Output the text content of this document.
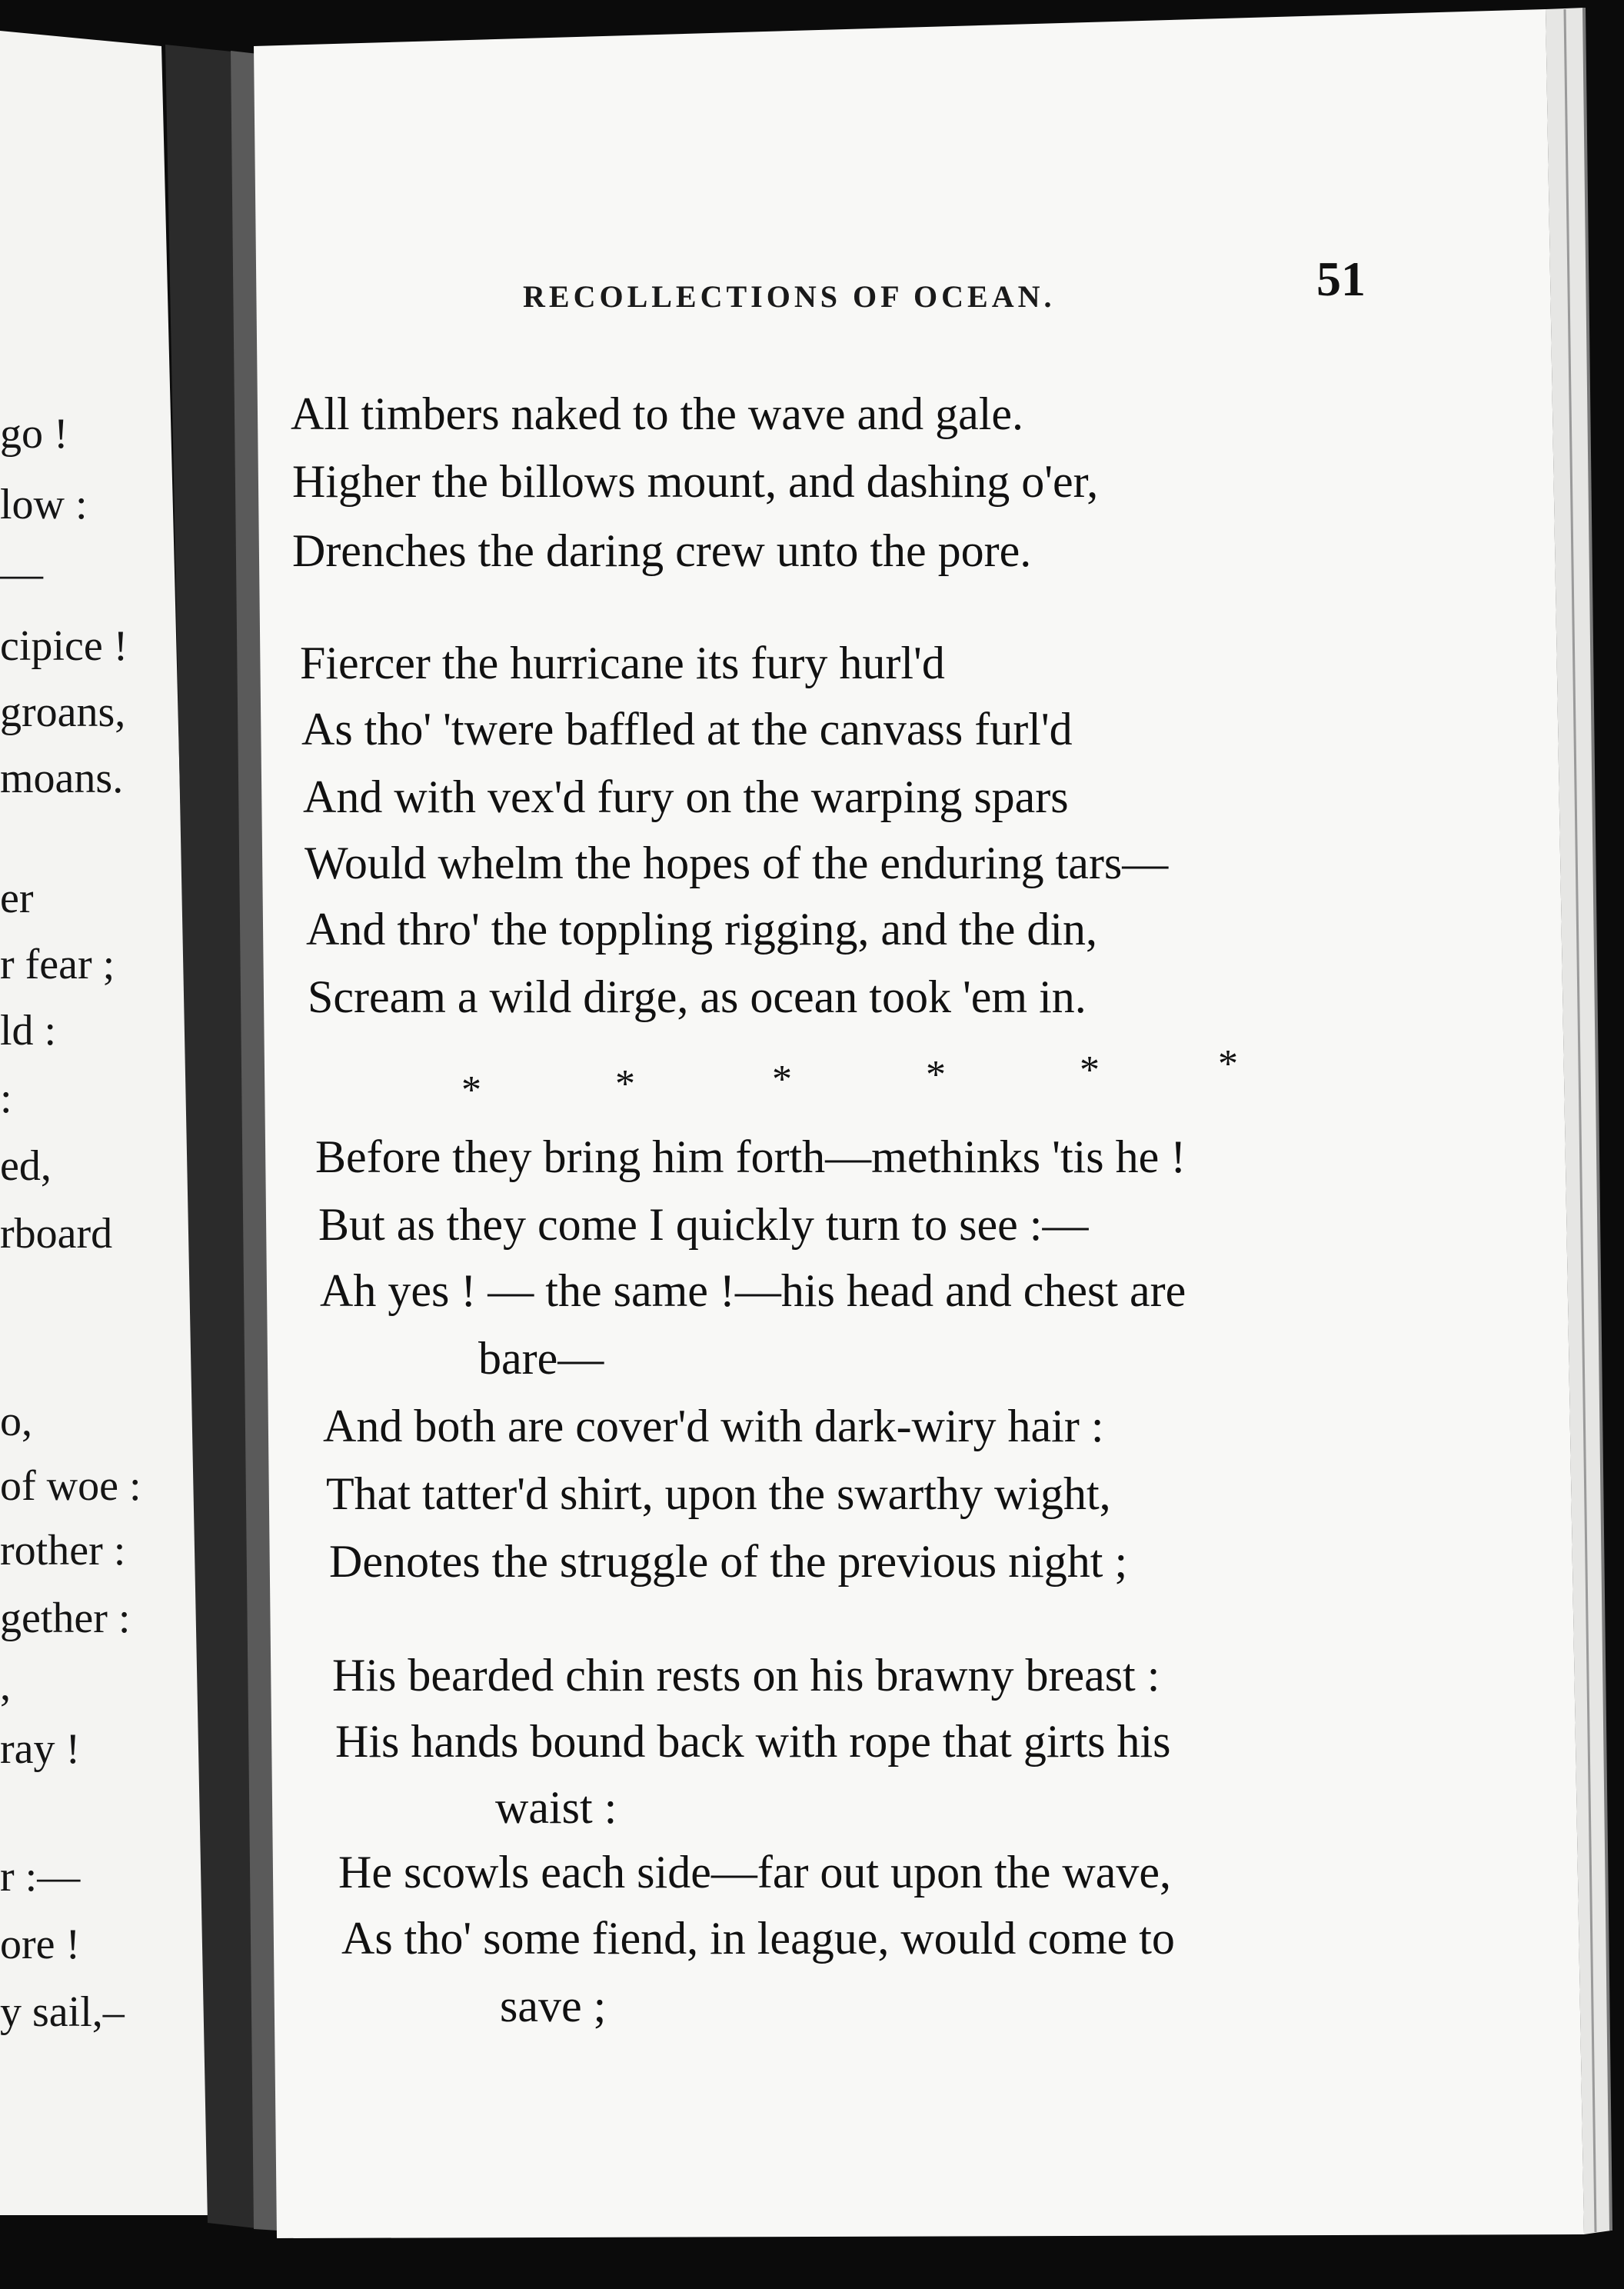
go !
low :
—
cipice !
groans,
moans.
er
r fear ;
ld :
:
ed,
rboard
o,
of woe :
rother :
gether :
,
ray !
r :—
ore !
y sail,–
RECOLLECTIONS OF OCEAN.	51
All timbers naked to the wave and gale.
Higher the billows mount, and dashing o'er,
Drenches the daring crew unto the pore.
Fiercer the hurricane its fury hurl'd
As tho' 'twere baffled at the canvass furl'd
And with vex'd fury on the warping spars
Would whelm the hopes of the enduring tars—
And thro' the toppling rigging, and the din,
Scream a wild dirge, as ocean took 'em in.
*	*	*	*	*	*
Before they bring him forth—methinks 'tis he !
But as they come I quickly turn to see :—
Ah yes ! — the same !—his head and chest are
bare—
And both are cover'd with dark-wiry hair :
That tatter'd shirt, upon the swarthy wight,
Denotes the struggle of the previous night ;
His bearded chin rests on his brawny breast :
His hands bound back with rope that girts his
waist :
He scowls each side—far out upon the wave,
As tho' some fiend, in league, would come to
save ;
